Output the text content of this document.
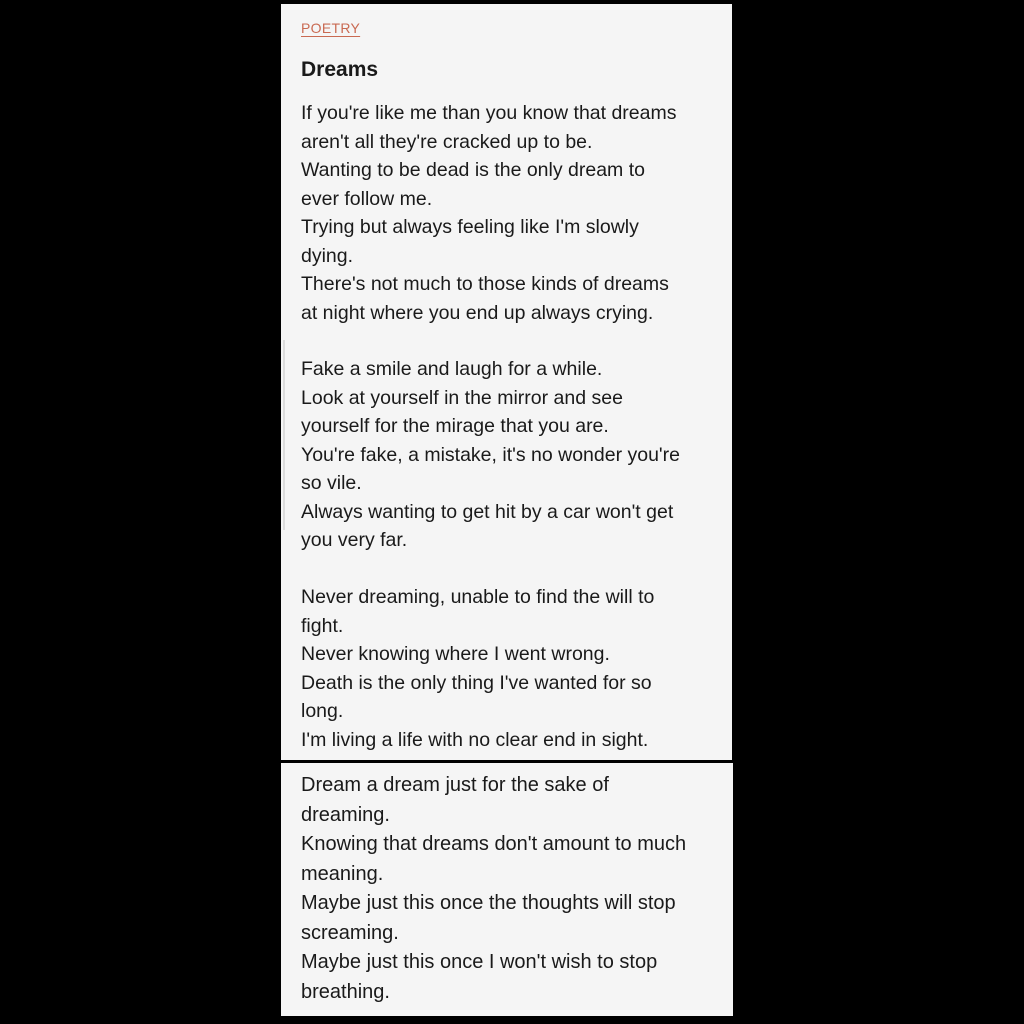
POETRY
Dreams
If you're like me than you know that dreams
aren't all they're cracked up to be.
Wanting to be dead is the only dream to
ever follow me.
Trying but always feeling like I'm slowly
dying.
There's not much to those kinds of dreams
at night where you end up always crying.
Fake a smile and laugh for a while.
Look at yourself in the mirror and see
yourself for the mirage that you are.
You're fake, a mistake, it's no wonder you're
so vile.
Always wanting to get hit by a car won't get
you very far.
Never dreaming, unable to find the will to
fight.
Never knowing where I went wrong.
Death is the only thing I've wanted for so
long.
I'm living a life with no clear end in sight.
Dream a dream just for the sake of
dreaming.
Knowing that dreams don't amount to much
meaning.
Maybe just this once the thoughts will stop
screaming.
Maybe just this once I won't wish to stop
breathing.
